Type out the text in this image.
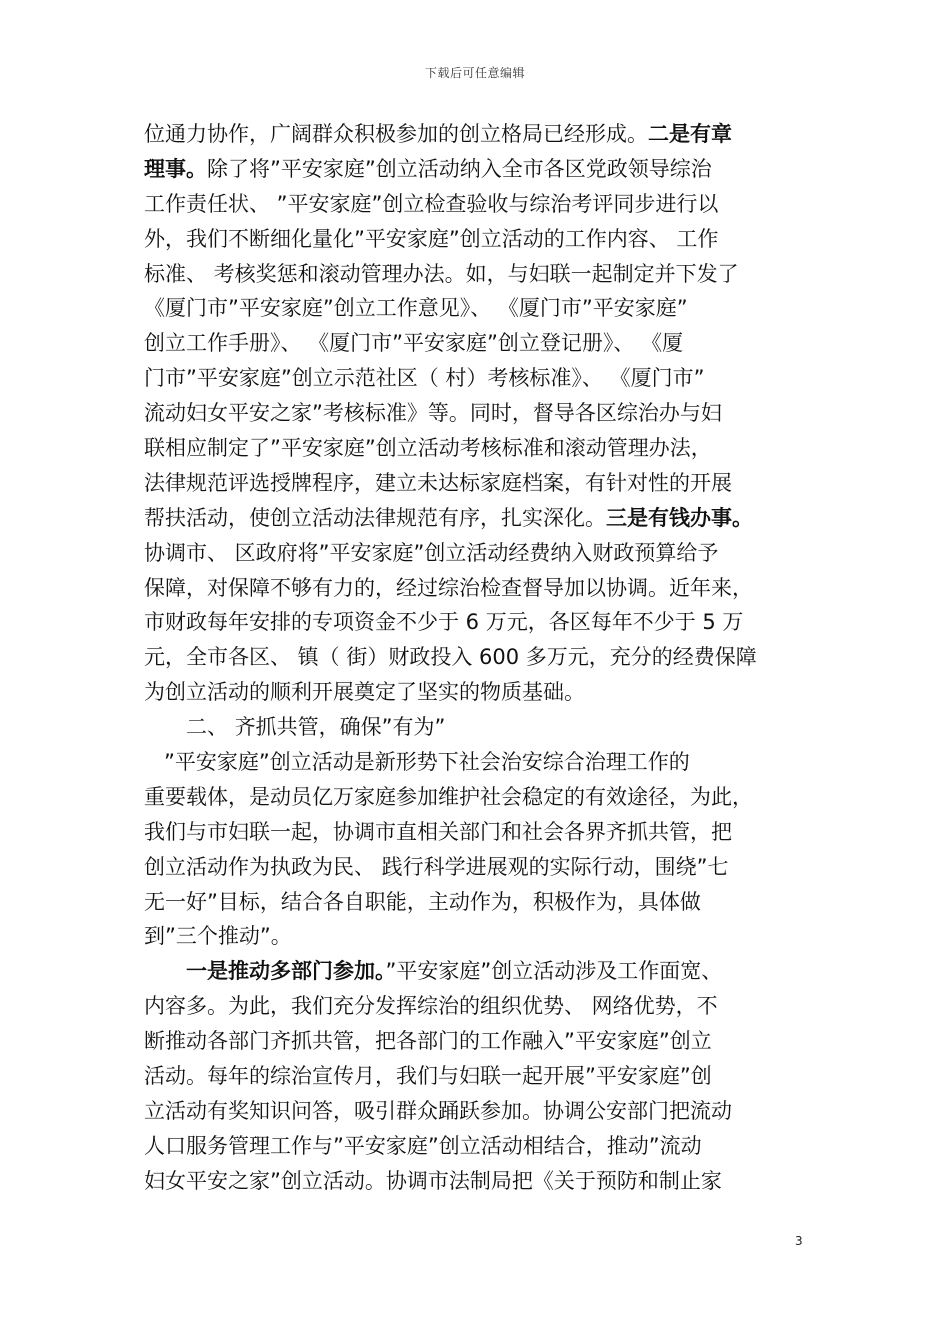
下载后可任意编辑
位通力协作，广阔群众积极参加的创立格局已经形成。二是有章
理事。除了将”平安家庭”创立活动纳入全市各区党政领导综治
工作责任状、 ”平安家庭”创立检查验收与综治考评同步进行以
外，我们不断细化量化”平安家庭”创立活动的工作内容、 工作
标准、 考核奖惩和滚动管理办法。如，与妇联一起制定并下发了
《厦门市”平安家庭”创立工作意见》、 《厦门市”平安家庭”
创立工作手册》、 《厦门市”平安家庭”创立登记册》、 《厦
门市”平安家庭”创立示范社区（ 村）考核标准》、 《厦门市”
流动妇女平安之家”考核标准》等。同时，督导各区综治办与妇
联相应制定了”平安家庭”创立活动考核标准和滚动管理办法，
法律规范评选授牌程序，建立未达标家庭档案，有针对性的开展
帮扶活动，使创立活动法律规范有序，扎实深化。三是有钱办事。
协调市、 区政府将”平安家庭”创立活动经费纳入财政预算给予
保障，对保障不够有力的，经过综治检查督导加以协调。近年来，
市财政每年安排的专项资金不少于 6 万元，各区每年不少于 5 万
元，全市各区、 镇（ 街）财政投入 600 多万元，充分的经费保障
为创立活动的顺利开展奠定了坚实的物质基础。
二、 齐抓共管，确保”有为”
”平安家庭”创立活动是新形势下社会治安综合治理工作的
重要载体，是动员亿万家庭参加维护社会稳定的有效途径，为此，
我们与市妇联一起，协调市直相关部门和社会各界齐抓共管，把
创立活动作为执政为民、 践行科学进展观的实际行动，围绕”七
无一好”目标，结合各自职能，主动作为，积极作为，具体做
到”三个推动”。
一是推动多部门参加。”平安家庭”创立活动涉及工作面宽、
内容多。为此，我们充分发挥综治的组织优势、 网络优势，不
断推动各部门齐抓共管，把各部门的工作融入”平安家庭”创立
活动。每年的综治宣传月，我们与妇联一起开展”平安家庭”创
立活动有奖知识问答，吸引群众踊跃参加。协调公安部门把流动
人口服务管理工作与”平安家庭”创立活动相结合，推动”流动
妇女平安之家”创立活动。协调市法制局把《关于预防和制止家
3
